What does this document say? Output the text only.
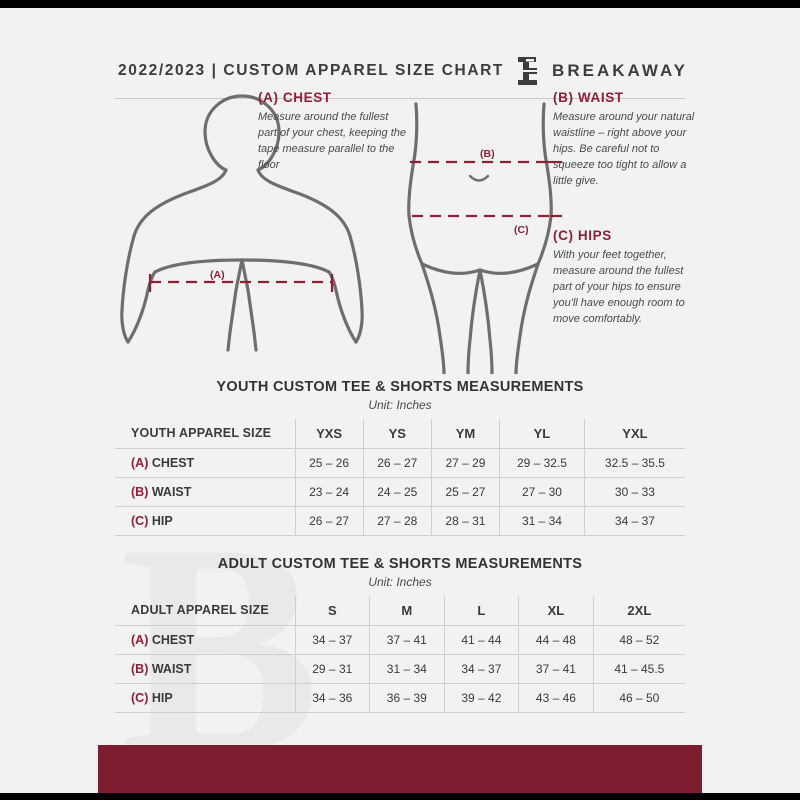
2022/2023 | CUSTOM APPAREL SIZE CHART	BREAKAWAY
(A)
(B)
(C)
(A) CHEST
Measure around the fullest part of your chest, keeping the tape measure parallel to the floor
(B) WAIST
Measure around your natural waistline – right above your hips. Be careful not to squeeze too tight to allow a little give.
(C) HIPS
With your feet together, measure around the fullest part of your hips to ensure you'll have enough room to move comfortably.
YOUTH CUSTOM TEE & SHORTS MEASUREMENTS
Unit: Inches
YOUTH APPAREL SIZE	YXS	YS	YM	YL	YXL
(A) CHEST	25 – 26	26 – 27	27 – 29	29 – 32.5	32.5 – 35.5
(B) WAIST	23 – 24	24 – 25	25 – 27	27 – 30	30 – 33
(C) HIP	26 – 27	27 – 28	28 – 31	31 – 34	34 – 37
ADULT CUSTOM TEE & SHORTS MEASUREMENTS
Unit: Inches
ADULT APPAREL SIZE	S	M	L	XL	2XL
(A) CHEST	34 – 37	37 – 41	41 – 44	44 – 48	48 – 52
(B) WAIST	29 – 31	31 – 34	34 – 37	37 – 41	41 – 45.5
(C) HIP	34 – 36	36 – 39	39 – 42	43 – 46	46 – 50
